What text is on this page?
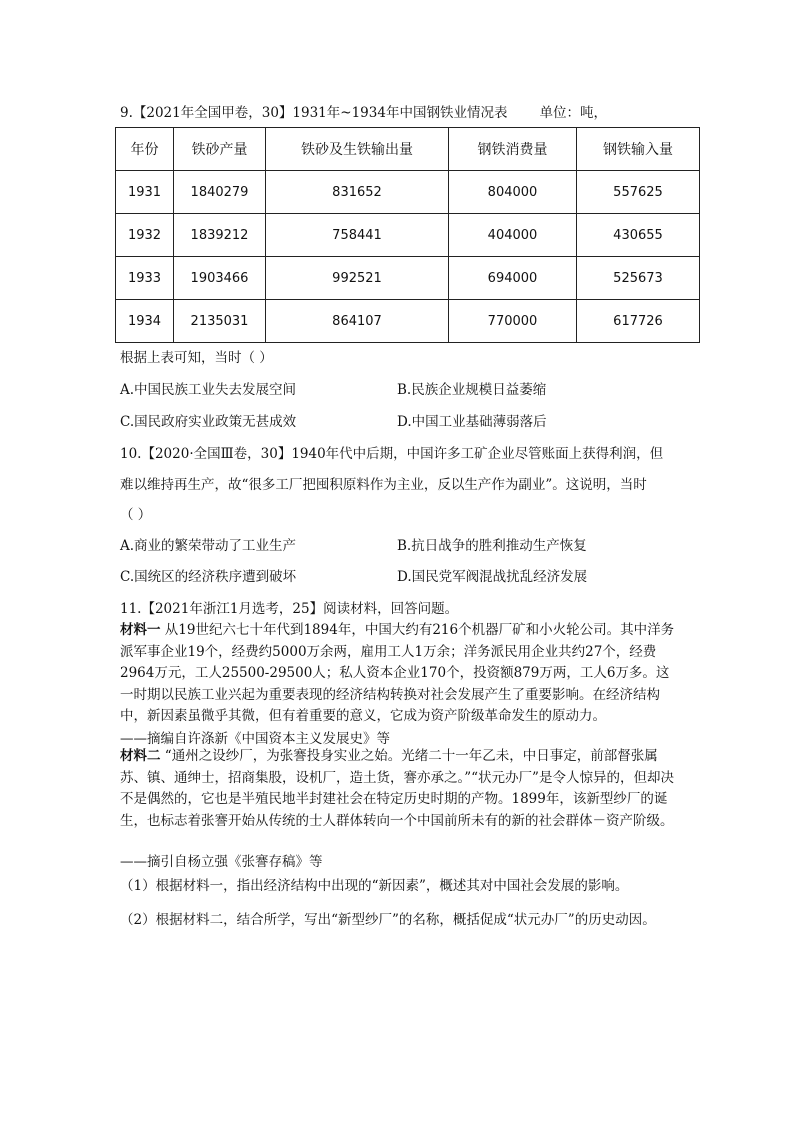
9.【2021年全国甲卷，30】1931年~1934年中国钢铁业情况表 单位：吨，
年份	铁砂产量	铁砂及生铁输出量	钢铁消费量	钢铁输入量
1931	1840279	831652	804000	557625
1932	1839212	758441	404000	430655
1933	1903466	992521	694000	525673
1934	2135031	864107	770000	617726
根据上表可知，当时（ ）
A.中国民族工业失去发展空间	B.民族企业规模日益萎缩
C.国民政府实业政策无甚成效	D.中国工业基础薄弱落后
10.【2020·全国Ⅲ卷，30】1940年代中后期，中国许多工矿企业尽管账面上获得利润，但
难以维持再生产，故“很多工厂把囤积原料作为主业，反以生产作为副业”。这说明，当时
（ ）
A.商业的繁荣带动了工业生产	B.抗日战争的胜利推动生产恢复
C.国统区的经济秩序遭到破坏	D.国民党军阀混战扰乱经济发展
11.【2021年浙江1月选考，25】阅读材料，回答问题。
材料一 从19世纪六七十年代到1894年，中国大约有216个机器厂矿和小火轮公司。其中洋务派军事企业19个，经费约5000万余两，雇用工人1万余；洋务派民用企业共约27个，经费2964万元，工人25500-29500人；私人资本企业170个，投资额879万两，工人6万多。这一时期以民族工业兴起为重要表现的经济结构转换对社会发展产生了重要影响。在经济结构中，新因素虽微乎其微，但有着重要的意义，它成为资产阶级革命发生的原动力。
——摘编自许涤新《中国资本主义发展史》等
材料二 “通州之设纱厂，为张謇投身实业之始。光绪二十一年乙未，中日事定，前部督张属苏、镇、通绅士，招商集股，设机厂，造土货，謇亦承之。”“状元办厂”是令人惊异的，但却决不是偶然的，它也是半殖民地半封建社会在特定历史时期的产物。1899年，该新型纱厂的诞生，也标志着张謇开始从传统的士人群体转向一个中国前所未有的新的社会群体－资产阶级。
——摘引自杨立强《张謇存稿》等
（1）根据材料一，指出经济结构中出现的“新因素”，概述其对中国社会发展的影响。
（2）根据材料二，结合所学，写出“新型纱厂”的名称，概括促成“状元办厂”的历史动因。
